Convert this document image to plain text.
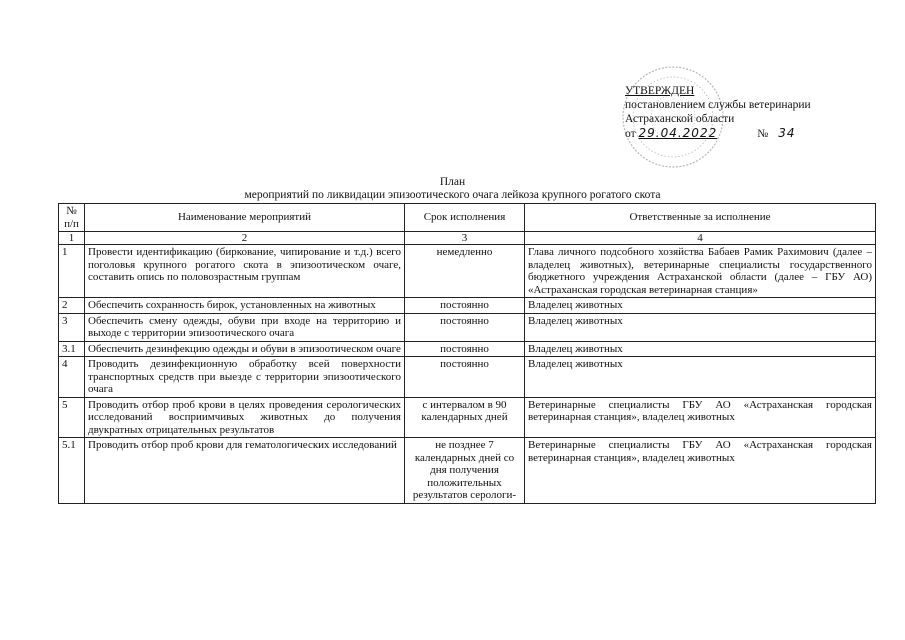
УТВЕРЖДЕН
постановлением службы ветеринарии
Астраханской области
от
29.04.2022	№ 34
План
мероприятий по ликвидации эпизоотического очага лейкоза крупного рогатого скота
№ п/п	Наименование мероприятий	Срок исполнения	Ответственные за исполнение
1	2	3	4
1	Провести идентификацию (биркование, чипирование и т.д.) всего поголовья крупного рогатого скота в эпизоотическом очаге, составить опись по половозрастным группам	немедленно	Глава личного подсобного хозяйства Бабаев Рамик Рахимович (далее – владелец животных), ветеринарные специалисты государственного бюджетного учреждения Астраханской области (далее – ГБУ АО) «Астраханская городская ветеринарная станция»
2	Обеспечить сохранность бирок, установленных на животных	постоянно	Владелец животных
3	Обеспечить смену одежды, обуви при входе на территорию и выходе с территории эпизоотического очага	постоянно	Владелец животных
3.1	Обеспечить дезинфекцию одежды и обуви в эпизоотическом очаге	постоянно	Владелец животных
4	Проводить дезинфекционную обработку всей поверхности транспортных средств при выезде с территории эпизоотического очага	постоянно	Владелец животных
5	Проводить отбор проб крови в целях проведения серологических исследований восприимчивых животных до получения двукратных отрицательных результатов	с интервалом в 90 календарных дней	Ветеринарные специалисты ГБУ АО «Астраханская городская ветеринарная станция», владелец животных
5.1	Проводить отбор проб крови для гематологических исследований	не позднее 7 календарных дней со дня получения положительных результатов серологи-	Ветеринарные специалисты ГБУ АО «Астраханская городская ветеринарная станция», владелец животных
